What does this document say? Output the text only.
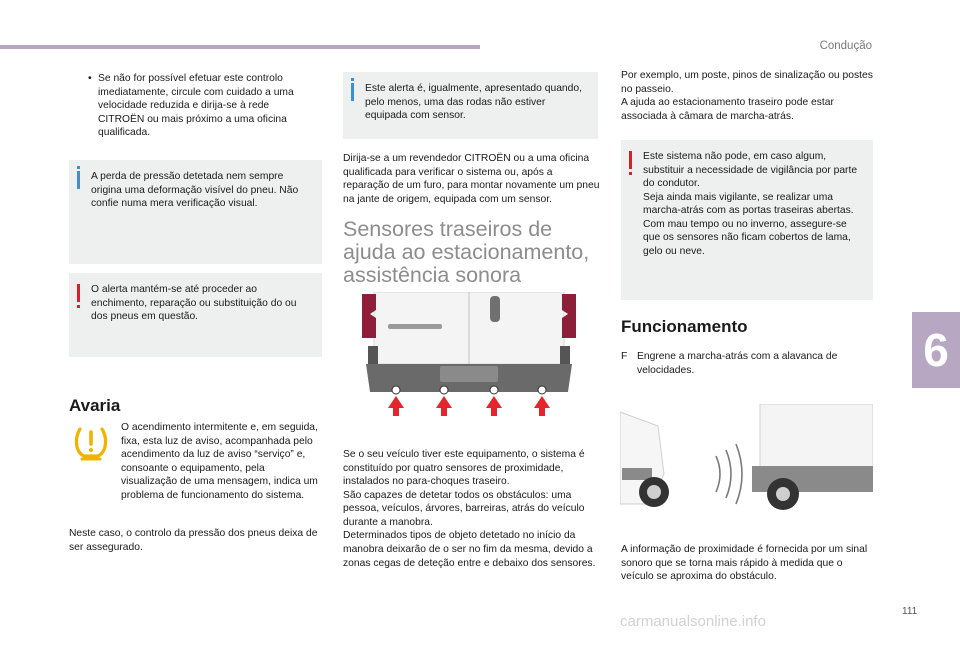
Condução
6
111
carmanualsonline.info
• Se não for possível efetuar este controlo imediatamente, circule com cuidado a uma velocidade reduzida e dirija-se à rede CITROËN ou mais próximo a uma oficina qualificada.
A perda de pressão detetada nem sempre origina uma deformação visível do pneu. Não confie numa mera verificação visual.
O alerta mantém-se até proceder ao enchimento, reparação ou substituição do ou dos pneus em questão.
Avaria
O acendimento intermitente e, em seguida, fixa, esta luz de aviso, acompanhada pelo acendimento da luz de aviso “serviço” e, consoante o equipamento, pela visualização de uma mensagem, indica um problema de funcionamento do sistema.
Neste caso, o controlo da pressão dos pneus deixa de ser assegurado.
Este alerta é, igualmente, apresentado quando, pelo menos, uma das rodas não estiver equipada com sensor.
Dirija-se a um revendedor CITROËN ou a uma oficina qualificada para verificar o sistema ou, após a reparação de um furo, para montar novamente um pneu na jante de origem, equipada com um sensor.
Sensores traseiros de ajuda ao estacionamento, assistência sonora
Se o seu veículo tiver este equipamento, o sistema é constituído por quatro sensores de proximidade, instalados no para-choques traseiro.
São capazes de detetar todos os obstáculos: uma pessoa, veículos, árvores, barreiras, atrás do veículo durante a manobra.
Determinados tipos de objeto detetado no início da manobra deixarão de o ser no fim da mesma, devido a zonas cegas de deteção entre e debaixo dos sensores.
Por exemplo, um poste, pinos de sinalização ou postes no passeio.
A ajuda ao estacionamento traseiro pode estar associada à câmara de marcha-atrás.
Este sistema não pode, em caso algum, substituir a necessidade de vigilância por parte do condutor.
Seja ainda mais vigilante, se realizar uma marcha-atrás com as portas traseiras abertas. Com mau tempo ou no inverno, assegure-se que os sensores não ficam cobertos de lama, gelo ou neve.
Funcionamento
F Engrene a marcha-atrás com a alavanca de velocidades.
A informação de proximidade é fornecida por um sinal sonoro que se torna mais rápido à medida que o veículo se aproxima do obstáculo.
